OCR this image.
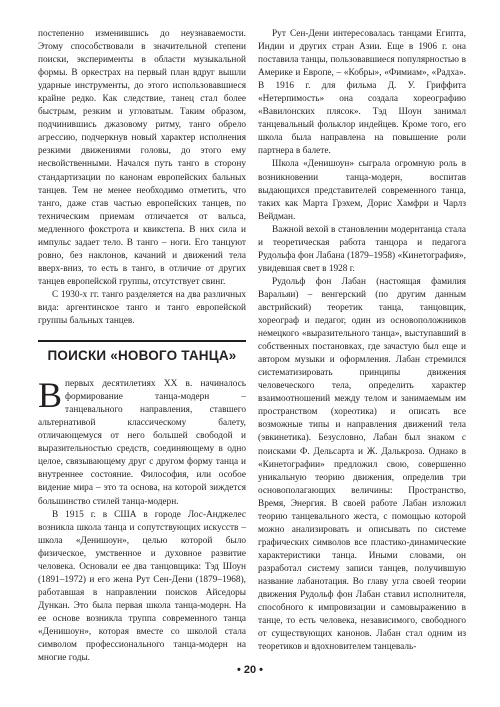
постепенно изменившись до неузнаваемости. Этому способствовали в значительной степени поиски, эксперименты в области музыкальной формы. В оркестрах на первый план вдруг вышли ударные инструменты, до этого использовавшиеся крайне редко. Как следствие, танец стал более быстрым, резким и угловатым. Таким образом, подчинившись джазовому ритму, танго обрело агрессию, подчеркнув новый характер исполнения резкими движениями головы, до этого ему несвойственными. Начался путь танго в сторону стандартизации по канонам европейских бальных танцев. Тем не менее необходимо отметить, что танго, даже став частью европейских танцев, по техническим приемам отличается от вальса, медленного фокстрота и квикстепа. В них сила и импульс задает тело. В танго – ноги. Его танцуют ровно, без наклонов, качаний и движений тела вверх-вниз, то есть в танго, в отличие от других танцев европейской группы, отсутствует свинг.

С 1930-х гг. танго разделяется на два различных вида: аргентинское танго и танго европейской группы бальных танцев.

ПОИСКИ «НОВОГО ТАНЦА»

Впервых десятилетиях XX в. начиналось формирование танца-модерн – танцевального направления, ставшего альтернативой классическому балету, отличающемуся от него большей свободой и выразительностью средств, соединяющему в одно целое, связывающему друг с другом форму танца и внутреннее состояние. Философия, или особое видение мира – это та основа, на которой зиждется большинство стилей танца-модерн.

В 1915 г. в США в городе Лос-Анджелес возникла школа танца и сопутствующих искусств – школа «Денишоун», целью которой было физическое, умственное и духовное развитие человека. Основали ее два танцовщика: Тэд Шоун (1891–1972) и его жена Рут Сен-Дени (1879–1968), работавшая в направлении поисков Айседоры Дункан. Это была первая школа танца-модерн. На ее основе возникла труппа современного танца «Денишоун», которая вместе со школой стала символом профессионального танца-модерн на многие годы.

Рут Сен-Дени интересовалась танцами Египта, Индии и других стран Азии. Еще в 1906 г. она поставила танцы, пользовавшиеся популярностью в Америке и Европе, – «Кобры», «Фимиам», «Радха». В 1916 г. для фильма Д. У. Гриффита «Нетерпимость» она создала хореографию «Вавилонских плясок». Тэд Шоун занимал танцевальный фольклор индейцев. Кроме того, его школа была направлена на повышение роли партнера в балете.

Школа «Денишоун» сыграла огромную роль в возникновении танца-модерн, воспитав выдающихся представителей современного танца, таких как Марта Грэхем, Дорис Хамфри и Чарлз Вейдман.

Важной вехой в становлении модернтанца стала и теоретическая работа танцора и педагога Рудольфа фон Лабана (1879–1958) «Кинетография», увидевшая свет в 1928 г.

Рудольф фон Лабан (настоящая фамилия Варальяи) – венгерский (по другим данным австрийский) теоретик танца, танцовщик, хореограф и педагог, один из основоположников немецкого «выразительного танца», выступавший в собственных постановках, где зачастую был еще и автором музыки и оформления. Лабан стремился систематизировать принципы движения человеческого тела, определить характер взаимоотношений между телом и занимаемым им пространством (хореотика) и описать все возможные типы и направления движений тела (эвкинетика). Безусловно, Лабан был знаком с поисками Ф. Дельсарта и Ж. Далькроза. Однако в «Кинетографии» предложил свою, совершенно уникальную теорию движения, определив три основополагающих величины: Пространство, Время, Энергия. В своей работе Лабан изложил теорию танцевального жеста, с помощью которой можно анализировать и описывать по системе графических символов все пластико-динамические характеристики танца. Иными словами, он разработал систему записи танцев, получившую название лабанотация. Во главу угла своей теории движения Рудольф фон Лабан ставил исполнителя, способного к импровизации и самовыражению в танце, то есть человека, независимого, свободного от существующих канонов. Лабан стал одним из теоретиков и вдохновителем танцеваль-

• 20 •
